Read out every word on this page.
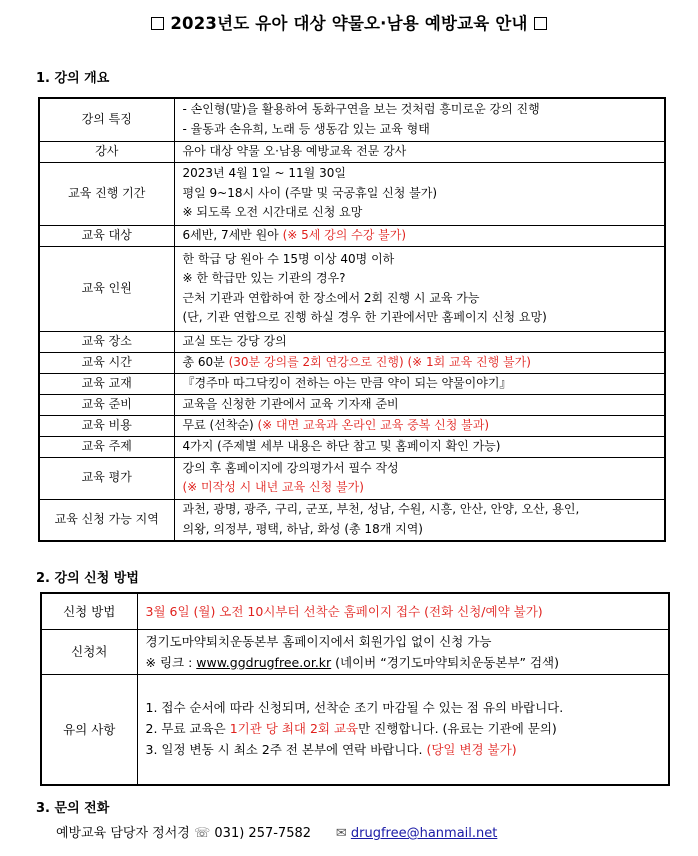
2023년도 유아 대상 약물오·남용 예방교육 안내
1. 강의 개요
강의 특징	- 손인형(말)을 활용하여 동화구연을 보는 것처럼 흥미로운 강의 진행
- 율동과 손유희, 노래 등 생동감 있는 교육 형태

강사	유아 대상 약물 오·남용 예방교육 전문 강사

교육 진행 기간	2023년 4월 1일 ~ 11월 30일
평일 9~18시 사이 (주말 및 국공휴일 신청 불가)
※ 되도록 오전 시간대로 신청 요망

교육 대상	6세반, 7세반 원아 (※ 5세 강의 수강 불가)

교육 인원	한 학급 당 원아 수 15명 이상 40명 이하
※ 한 학급만 있는 기관의 경우?
근처 기관과 연합하여 한 장소에서 2회 진행 시 교육 가능
(단, 기관 연합으로 진행 하실 경우 한 기관에서만 홈페이지 신청 요망)

교육 장소	교실 또는 강당 강의

교육 시간	총 60분 (30분 강의를 2회 연강으로 진행) (※ 1회 교육 진행 불가)

교육 교재	『경주마 따그닥킹이 전하는 아는 만큼 약이 되는 약물이야기』

교육 준비	교육을 신청한 기관에서 교육 기자재 준비

교육 비용	무료 (선착순) (※ 대면 교육과 온라인 교육 중복 신청 불과)

교육 주제	4가지 (주제별 세부 내용은 하단 참고 및 홈페이지 확인 가능)

교육 평가	강의 후 홈페이지에 강의평가서 필수 작성
(※ 미작성 시 내년 교육 신청 불가)

교육 신청 가능 지역	과천, 광명, 광주, 구리, 군포, 부천, 성남, 수원, 시흥, 안산, 안양, 오산, 용인,
의왕, 의정부, 평택, 하남, 화성 (총 18개 지역)
2. 강의 신청 방법
신청 방법	3월 6일 (월) 오전 10시부터 선착순 홈페이지 접수 (전화 신청/예약 불가)

신청처	경기도마약퇴치운동본부 홈페이지에서 회원가입 없이 신청 가능
※ 링크 : www.ggdrugfree.or.kr (네이버 “경기도마약퇴치운동본부” 검색)

유의 사항	1. 접수 순서에 따라 신청되며, 선착순 조기 마감될 수 있는 점 유의 바랍니다.
2. 무료 교육은 1기관 당 최대 2회 교육만 진행합니다. (유료는 기관에 문의)
3. 일정 변동 시 최소 2주 전 본부에 연락 바랍니다. (당일 변경 불가)
3. 문의 전화
예방교육 담당자 정서경 ☏ 031) 257-7582 ✉ drugfree@hanmail.net
